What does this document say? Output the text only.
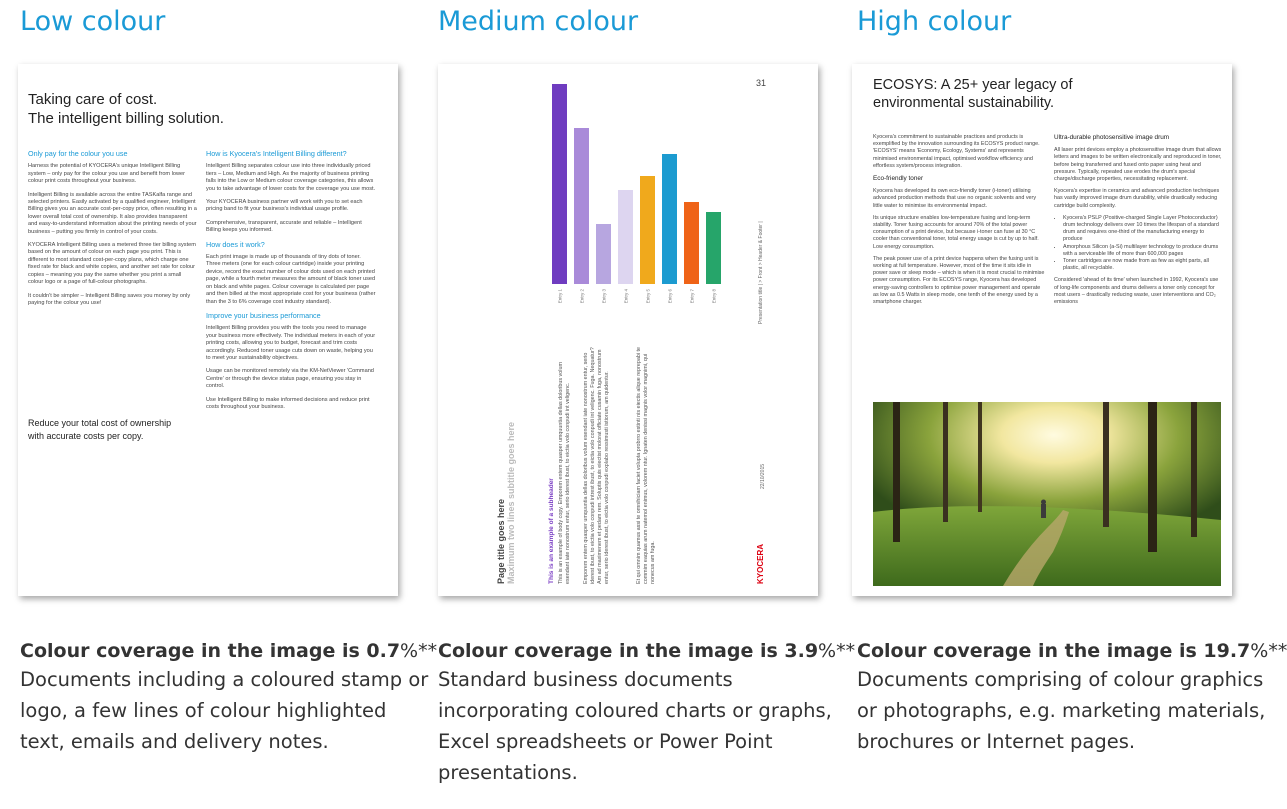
Low colour
Taking care of cost.
The intelligent billing solution.
Only pay for the colour you use

Harness the potential of KYOCERA's unique Intelligent Billing system – only pay for the colour you use and benefit from lower colour print costs throughout your business.

Intelligent Billing is available across the entire TASKalfa range and selected printers. Easily activated by a qualified engineer, Intelligent Billing gives you an accurate cost-per-copy price, often resulting in a lower overall total cost of ownership. It also provides transparent and easy-to-understand information about the printing needs of your business – putting you firmly in control of your costs.

KYOCERA Intelligent Billing uses a metered three tier billing system based on the amount of colour on each page you print. This is different to most standard cost-per-copy plans, which charge one fixed rate for black and white copies, and another set rate for colour copies – meaning you pay the same whether you print a small colour logo or a page of full-colour photographs.

It couldn't be simpler – Intelligent Billing saves you money by only paying for the colour you use!

Reduce your total cost of ownership
with accurate costs per copy.
How is Kyocera's Intelligent Billing different?

Intelligent Billing separates colour use into three individually priced tiers – Low, Medium and High. As the majority of business printing falls into the Low or Medium colour coverage categories, this allows you to take advantage of lower costs for the coverage you use most.

Your KYOCERA business partner will work with you to set each pricing band to fit your business's individual usage profile.

Comprehensive, transparent, accurate and reliable – Intelligent Billing keeps you informed.

How does it work?

Each print image is made up of thousands of tiny dots of toner. Three meters (one for each colour cartridge) inside your printing device, record the exact number of colour dots used on each printed page, while a fourth meter measures the amount of black toner used on black and white pages. Colour coverage is calculated per page and then billed at the most appropriate cost for your business (rather than the 3 to 6% coverage cost industry standard).

Improve your business performance

Intelligent Billing provides you with the tools you need to manage your business more effectively. The individual meters in each of your printing costs, allowing you to budget, forecast and trim costs accordingly. Reduced toner usage cuts down on waste, helping you to meet your sustainability objectives.

Usage can be monitored remotely via the KM-NetViewer 'Command Centre' or through the device status page, ensuring you stay in control.

Use Intelligent Billing to make informed decisions and reduce print costs throughout your business.

Colour coverage in the image is 0.7%**
Documents including a coloured stamp or logo, a few lines of colour highlighted text, emails and delivery notes.
Medium colour
Entry 1	Entry 2	Entry 3	Entry 4	Entry 5	Entry 6	Entry 7	Entry 8
31
Page title goes here Maximum two lines subtitle goes here	This is an example of a subheader This is an example of body copy. Emporem entem quasper umquuntia dellas doloribus volum esendant iate nonostrum entur, serio iderest ibust, to eictia volo conpudi int veligenc. Emporem entem quasper umquuntia dellas doloribus volum esendant iate nonostrum entur, serio iderest ibust, to eictia volo conpudi intrest ibust, to eictia volo conpudi int veligenc. Fuga. Nequatur? Am ad maximenem et pedam rem. Soluptis quis eiectist molorat officiate cusamin fuga, nonostrum entur, serio iderest ibust, to eictia volo conpudi explabo ressimusti istiorum, am quidentur.	Et qui omnim quamus assi te omnihiciam faciet volupta probrro estinti nis eiectis alique reprepabi te commim eaquias arum natemol enimus, volorem ntur. Ignaten denissi magnis volor magnimi, qui nonecus am fuga.
Presentation title | > Front > Header & Footer |
22/10/2015
KYOCERA
Colour coverage in the image is 3.9%**
Standard business documents incorporating coloured charts or graphs, Excel spreadsheets or Power Point presentations.
High colour
ECOSYS: A 25+ year legacy of
environmental sustainability.

Kyocera's commitment to sustainable practices and products is exemplified by the innovation surrounding its ECOSYS product range. 'ECOSYS' means 'Economy, Ecology, Systems' and represents minimised environmental impact, optimised workflow efficiency and effortless system/process integration.

Eco-friendly toner

Kyocera has developed its own eco-friendly toner (i-toner) utilising advanced production methods that use no organic solvents and very little water to minimise its environmental impact.

Its unique structure enables low-temperature fusing and long-term stability. Toner fusing accounts for around 70% of the total power consumption of a print device, but because i-toner can fuse at 30 °C cooler than conventional toner, total energy usage is cut by up to half. Low energy consumption.

The peak power use of a print device happens when the fusing unit is working at full temperature. However, most of the time it sits idle in power save or sleep mode – which is when it is most crucial to minimise power consumption. For its ECOSYS range, Kyocera has developed energy-saving controllers to optimise power management and operate as low as 0.5 Watts in sleep mode, one tenth of the energy used by a smartphone charger.

Ultra-durable photosensitive image drum

All laser print devices employ a photosensitive image drum that allows letters and images to be written electronically and reproduced in toner, before being transferred and fused onto paper using heat and pressure. Typically, repeated use erodes the drum's special charge/discharge properties, necessitating replacement.

Kyocera's expertise in ceramics and advanced production techniques has vastly improved image drum durability, while drastically reducing cartridge build complexity.

• Kyocera's PSLP (Positive-charged Single Layer Photoconductor) drum technology delivers over 10 times the lifespan of a standard drum and requires one-third of the manufacturing energy to produce
• Amorphous Silicon (a-Si) multilayer technology to produce drums with a serviceable life of more than 600,000 pages
• Toner cartridges are now made from as few as eight parts, all plastic, all recyclable.

Considered 'ahead of its time' when launched in 1992, Kyocera's use of long-life components and drums delivers a toner only concept for most users – drastically reducing waste, user interventions and CO₂ emissions

Colour coverage in the image is 19.7%**
Documents comprising of colour graphics or photographs, e.g. marketing materials, brochures or Internet pages.
